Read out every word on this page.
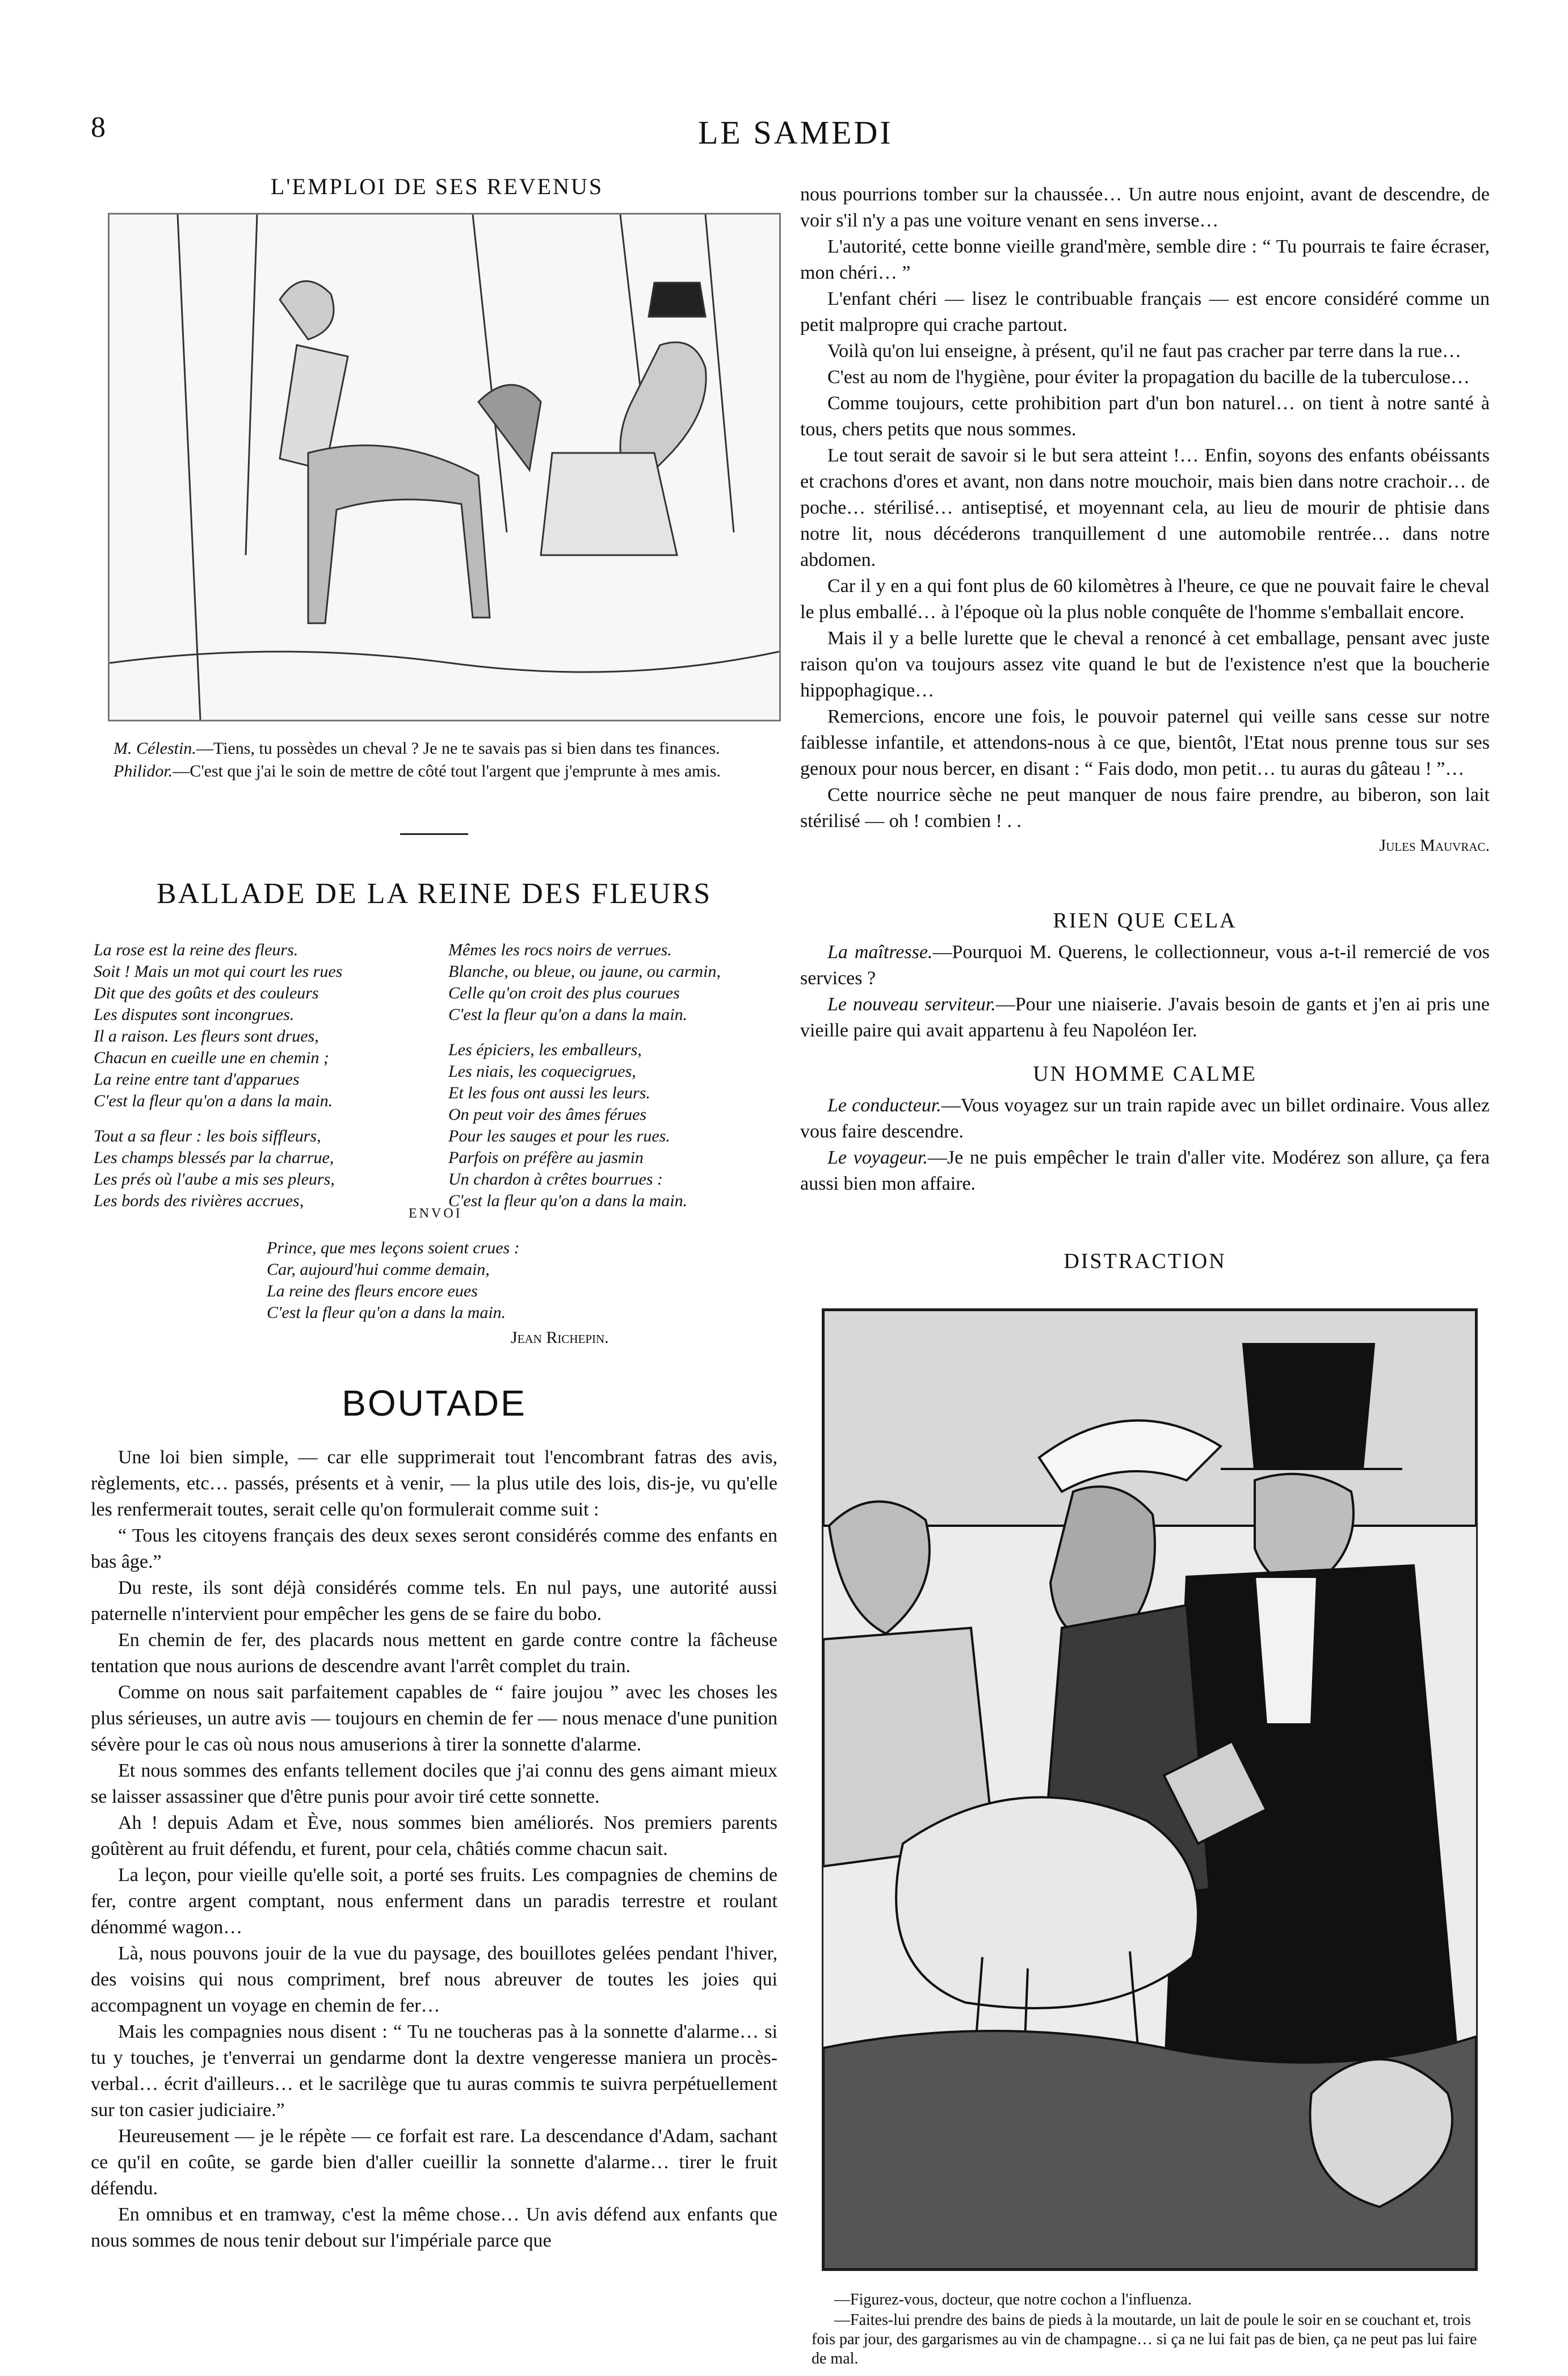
8	LE SAMEDI
L'EMPLOI DE SES REVENUS

M. Célestin.—Tiens, tu possèdes un cheval ? Je ne te savais pas si bien dans tes finances.

Philidor.—C'est que j'ai le soin de mettre de côté tout l'argent que j'emprunte à mes amis.

BALLADE DE LA REINE DES FLEURS
La rose est la reine des fleurs.
Soit ! Mais un mot qui court les rues
Dit que des goûts et des couleurs
Les disputes sont incongrues.
Il a raison. Les fleurs sont drues,
Chacun en cueille une en chemin ;
La reine entre tant d'apparues
C'est la fleur qu'on a dans la main.
Tout a sa fleur : les bois siffleurs,
Les champs blessés par la charrue,
Les prés où l'aube a mis ses pleurs,
Les bords des rivières accrues,
Mêmes les rocs noirs de verrues.
Blanche, ou bleue, ou jaune, ou carmin,
Celle qu'on croit des plus courues
C'est la fleur qu'on a dans la main.
Les épiciers, les emballeurs,
Les niais, les coquecigrues,
Et les fous ont aussi les leurs.
On peut voir des âmes férues
Pour les sauges et pour les rues.
Parfois on préfère au jasmin
Un chardon à crêtes bourrues :
C'est la fleur qu'on a dans la main.
ENVOI
Prince, que mes leçons soient crues :
Car, aujourd'hui comme demain,
La reine des fleurs encore eues
C'est la fleur qu'on a dans la main.
Jean Richepin.
BOUTADE

Une loi bien simple, — car elle supprimerait tout l'encombrant fatras des avis, règlements, etc… passés, présents et à venir, — la plus utile des lois, dis-je, vu qu'elle les renfermerait toutes, serait celle qu'on formulerait comme suit :

“ Tous les citoyens français des deux sexes seront considérés comme des enfants en bas âge.”

Du reste, ils sont déjà considérés comme tels. En nul pays, une autorité aussi paternelle n'intervient pour empêcher les gens de se faire du bobo.

En chemin de fer, des placards nous mettent en garde contre contre la fâcheuse tentation que nous aurions de descendre avant l'arrêt complet du train.

Comme on nous sait parfaitement capables de “ faire joujou ” avec les choses les plus sérieuses, un autre avis — toujours en chemin de fer — nous menace d'une punition sévère pour le cas où nous nous amuserions à tirer la sonnette d'alarme.

Et nous sommes des enfants tellement dociles que j'ai connu des gens aimant mieux se laisser assassiner que d'être punis pour avoir tiré cette sonnette.

Ah ! depuis Adam et Ève, nous sommes bien améliorés. Nos premiers parents goûtèrent au fruit défendu, et furent, pour cela, châtiés comme chacun sait.

La leçon, pour vieille qu'elle soit, a porté ses fruits. Les compagnies de chemins de fer, contre argent comptant, nous enferment dans un paradis terrestre et roulant dénommé wagon…

Là, nous pouvons jouir de la vue du paysage, des bouillotes gelées pendant l'hiver, des voisins qui nous compriment, bref nous abreuver de toutes les joies qui accompagnent un voyage en chemin de fer…

Mais les compagnies nous disent : “ Tu ne toucheras pas à la sonnette d'alarme… si tu y touches, je t'enverrai un gendarme dont la dextre vengeresse maniera un procès-verbal… écrit d'ailleurs… et le sacrilège que tu auras commis te suivra perpétuellement sur ton casier judiciaire.”

Heureusement — je le répète — ce forfait est rare. La descendance d'Adam, sachant ce qu'il en coûte, se garde bien d'aller cueillir la sonnette d'alarme… tirer le fruit défendu.

En omnibus et en tramway, c'est la même chose… Un avis défend aux enfants que nous sommes de nous tenir debout sur l'impériale parce que

nous pourrions tomber sur la chaussée… Un autre nous enjoint, avant de descendre, de voir s'il n'y a pas une voiture venant en sens inverse…

L'autorité, cette bonne vieille grand'mère, semble dire : “ Tu pourrais te faire écraser, mon chéri… ”

L'enfant chéri — lisez le contribuable français — est encore considéré comme un petit malpropre qui crache partout.

Voilà qu'on lui enseigne, à présent, qu'il ne faut pas cracher par terre dans la rue…

C'est au nom de l'hygiène, pour éviter la propagation du bacille de la tuberculose…

Comme toujours, cette prohibition part d'un bon naturel… on tient à notre santé à tous, chers petits que nous sommes.

Le tout serait de savoir si le but sera atteint !… Enfin, soyons des enfants obéissants et crachons d'ores et avant, non dans notre mouchoir, mais bien dans notre crachoir… de poche… stérilisé… antiseptisé, et moyennant cela, au lieu de mourir de phtisie dans notre lit, nous décéderons tranquillement d une automobile rentrée… dans notre abdomen.

Car il y en a qui font plus de 60 kilomètres à l'heure, ce que ne pouvait faire le cheval le plus emballé… à l'époque où la plus noble conquête de l'homme s'emballait encore.

Mais il y a belle lurette que le cheval a renoncé à cet emballage, pensant avec juste raison qu'on va toujours assez vite quand le but de l'existence n'est que la boucherie hippophagique…

Remercions, encore une fois, le pouvoir paternel qui veille sans cesse sur notre faiblesse infantile, et attendons-nous à ce que, bientôt, l'Etat nous prenne tous sur ses genoux pour nous bercer, en disant : “ Fais dodo, mon petit… tu auras du gâteau ! ”…

Cette nourrice sèche ne peut manquer de nous faire prendre, au biberon, son lait stérilisé — oh ! combien ! . .

Jules Mauvrac.
RIEN QUE CELA

La maîtresse.—Pourquoi M. Querens, le collectionneur, vous a-t-il remercié de vos services ?

Le nouveau serviteur.—Pour une niaiserie. J'avais besoin de gants et j'en ai pris une vieille paire qui avait appartenu à feu Napoléon Ier.

UN HOMME CALME

Le conducteur.—Vous voyagez sur un train rapide avec un billet ordinaire. Vous allez vous faire descendre.

Le voyageur.—Je ne puis empêcher le train d'aller vite. Modérez son allure, ça fera aussi bien mon affaire.

DISTRACTION

—Figurez-vous, docteur, que notre cochon a l'influenza.

—Faites-lui prendre des bains de pieds à la moutarde, un lait de poule le soir en se couchant et, trois fois par jour, des gargarismes au vin de champagne… si ça ne lui fait pas de bien, ça ne peut pas lui faire de mal.
